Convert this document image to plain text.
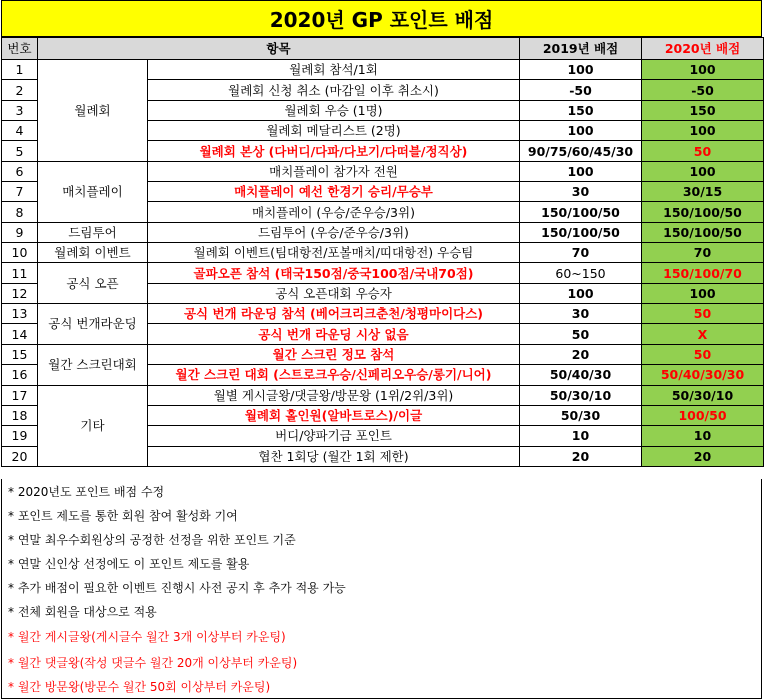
2020년 GP 포인트 배점
번호	항목		2019년 배점	2020년 배점
1	월례회	월례회 참석/1회	100	100
2		월례회 신청 취소 (마감일 이후 취소시)	-50	-50
3		월례회 우승 (1명)	150	150
4		월례회 메달리스트 (2명)	100	100
5		월례회 본상 (다버디/다파/다보기/다떠블/정직상)	90/75/60/45/30	50
6	매치플레이	매치플레이 참가자 전원	100	100
7		매치플레이 예선 한경기 승리/무승부	30	30/15
8		매치플레이 (우승/준우승/3위)	150/100/50	150/100/50
9	드림투어	드림투어 (우승/준우승/3위)	150/100/50	150/100/50
10	월례회 이벤트	월례회 이벤트(팀대항전/포볼매치/띠대항전) 우승팀	70	70
11	공식 오픈	골파오픈 참석 (태국150점/중국100점/국내70점)	60~150	150/100/70
12		공식 오픈대회 우승자	100	100
13	공식 번개라운딩	공식 번개 라운딩 참석 (베어크리크춘천/청평마이다스)	30	50
14		공식 번개 라운딩 시상 없음	50	X
15	월간 스크린대회	월간 스크린 정모 참석	20	50
16		월간 스크린 대회 (스트로크우승/신페리오우승/롱기/니어)	50/40/30	50/40/30/30
17	기타	월별 게시글왕/댓글왕/방문왕 (1위/2위/3위)	50/30/10	50/30/10
18		월례회 홀인원(알바트로스)/이글	50/30	100/50
19		버디/양파기금 포인트	10	10
20		협찬 1회당 (월간 1회 제한)	20	20
* 2020년도 포인트 배점 수정
* 포인트 제도를 통한 회원 참여 활성화 기여
* 연말 최우수회원상의 공정한 선정을 위한 포인트 기준
* 연말 신인상 선정에도 이 포인트 제도를 활용
* 추가 배점이 필요한 이벤트 진행시 사전 공지 후 추가 적용 가능
* 전체 회원을 대상으로 적용
* 월간 게시글왕(게시글수 월간 3개 이상부터 카운팅)
* 월간 댓글왕(작성 댓글수 월간 20개 이상부터 카운팅)
* 월간 방문왕(방문수 월간 50회 이상부터 카운팅)
